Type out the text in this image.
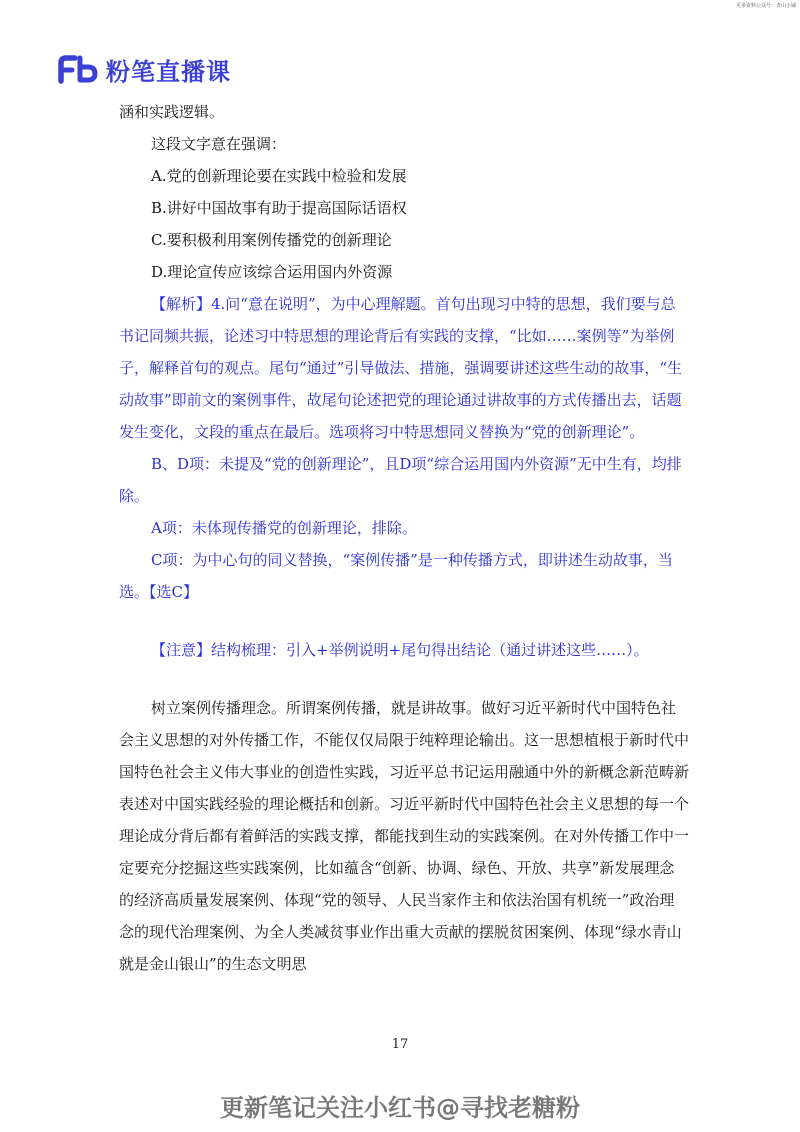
更多资料公众号：青山小铺
粉笔直播课

涵和实践逻辑。

这段文字意在强调：

A.党的创新理论要在实践中检验和发展

B.讲好中国故事有助于提高国际话语权

C.要积极利用案例传播党的创新理论

D.理论宣传应该综合运用国内外资源

【解析】4.问“意在说明”，为中心理解题。首句出现习中特的思想，我们要与总书记同频共振，论述习中特思想的理论背后有实践的支撑，“比如……案例等”为举例子，解释首句的观点。尾句“通过”引导做法、措施，强调要讲述这些生动的故事，“生动故事”即前文的案例事件，故尾句论述把党的理论通过讲故事的方式传播出去，话题发生变化，文段的重点在最后。选项将习中特思想同义替换为“党的创新理论”。

B、D项：未提及“党的创新理论”，且D项“综合运用国内外资源”无中生有，均排除。

A项：未体现传播党的创新理论，排除。

C项：为中心句的同义替换，“案例传播”是一种传播方式，即讲述生动故事，当选。【选C】

【注意】结构梳理：引入+举例说明+尾句得出结论（通过讲述这些……）。

树立案例传播理念。所谓案例传播，就是讲故事。做好习近平新时代中国特色社会主义思想的对外传播工作，不能仅仅局限于纯粹理论输出。这一思想植根于新时代中国特色社会主义伟大事业的创造性实践，习近平总书记运用融通中外的新概念新范畴新表述对中国实践经验的理论概括和创新。习近平新时代中国特色社会主义思想的每一个理论成分背后都有着鲜活的实践支撑，都能找到生动的实践案例。在对外传播工作中一定要充分挖掘这些实践案例，比如蕴含“创新、协调、绿色、开放、共享”新发展理念的经济高质量发展案例、体现“党的领导、人民当家作主和依法治国有机统一”政治理念的现代治理案例、为全人类减贫事业作出重大贡献的摆脱贫困案例、体现“绿水青山就是金山银山”的生态文明思

17
更新笔记关注小红书@寻找老糖粉
